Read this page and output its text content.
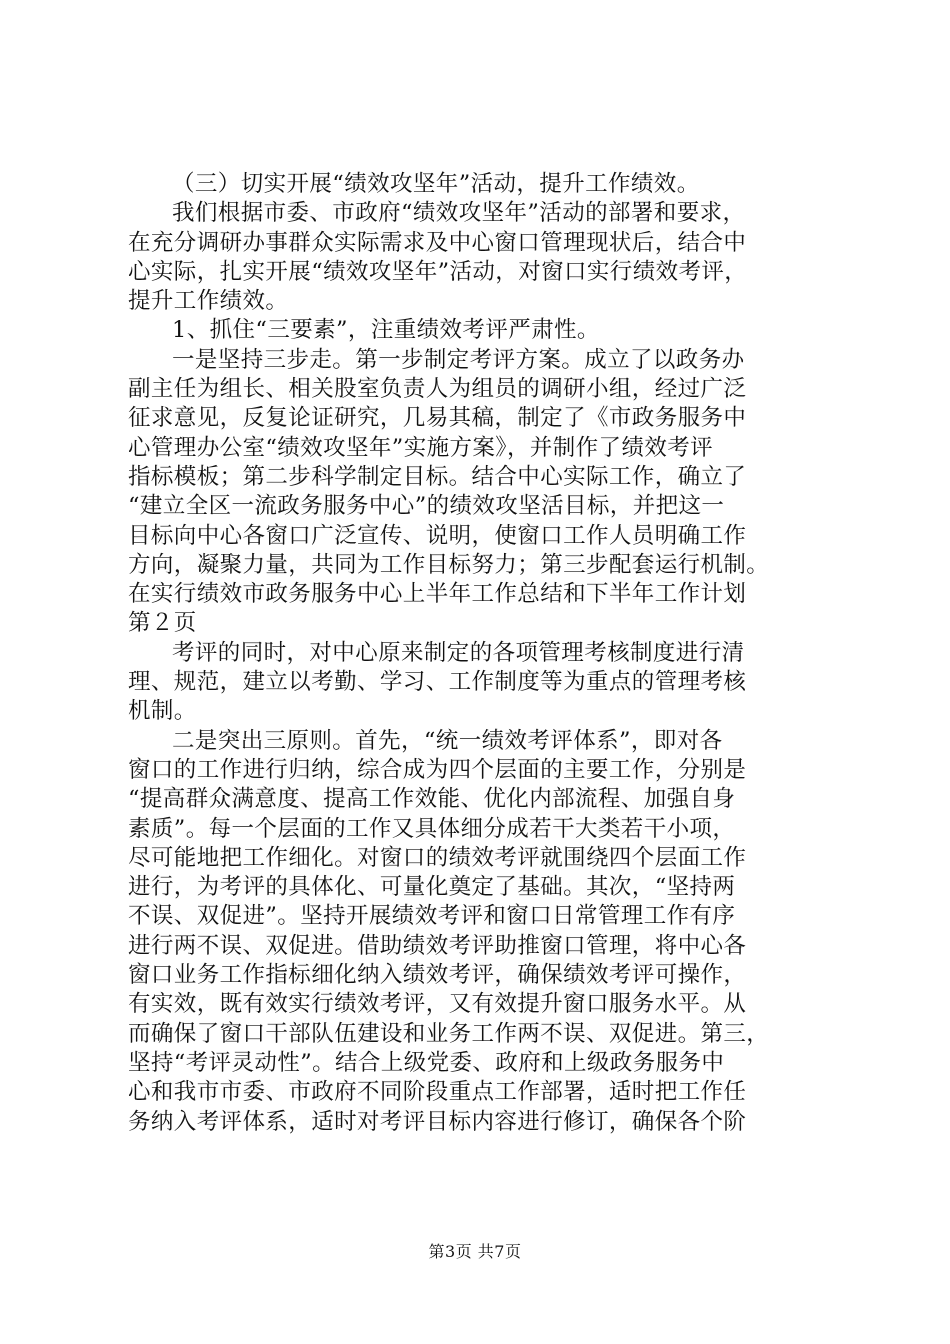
（三）切实开展“绩效攻坚年”活动，提升工作绩效。
我们根据市委、市政府“绩效攻坚年”活动的部署和要求，
在充分调研办事群众实际需求及中心窗口管理现状后，结合中
心实际，扎实开展“绩效攻坚年”活动，对窗口实行绩效考评，
提升工作绩效。
1、抓住“三要素”，注重绩效考评严肃性。
一是坚持三步走。第一步制定考评方案。成立了以政务办
副主任为组长、相关股室负责人为组员的调研小组，经过广泛
征求意见，反复论证研究，几易其稿，制定了《市政务服务中
心管理办公室“绩效攻坚年”实施方案》，并制作了绩效考评
指标模板；第二步科学制定目标。结合中心实际工作，确立了
“建立全区一流政务服务中心”的绩效攻坚活目标，并把这一
目标向中心各窗口广泛宣传、说明，使窗口工作人员明确工作
方向，凝聚力量，共同为工作目标努力；第三步配套运行机制。
在实行绩效市政务服务中心上半年工作总结和下半年工作计划
第２页
考评的同时，对中心原来制定的各项管理考核制度进行清
理、规范，建立以考勤、学习、工作制度等为重点的管理考核
机制。
二是突出三原则。首先，“统一绩效考评体系”，即对各
窗口的工作进行归纳，综合成为四个层面的主要工作，分别是
“提高群众满意度、提高工作效能、优化内部流程、加强自身
素质”。每一个层面的工作又具体细分成若干大类若干小项，
尽可能地把工作细化。对窗口的绩效考评就围绕四个层面工作
进行，为考评的具体化、可量化奠定了基础。其次，“坚持两
不误、双促进”。坚持开展绩效考评和窗口日常管理工作有序
进行两不误、双促进。借助绩效考评助推窗口管理，将中心各
窗口业务工作指标细化纳入绩效考评，确保绩效考评可操作，
有实效，既有效实行绩效考评，又有效提升窗口服务水平。从
而确保了窗口干部队伍建设和业务工作两不误、双促进。第三，
坚持“考评灵动性”。结合上级党委、政府和上级政务服务中
心和我市市委、市政府不同阶段重点工作部署，适时把工作任
务纳入考评体系，适时对考评目标内容进行修订，确保各个阶
第3页 共7页
